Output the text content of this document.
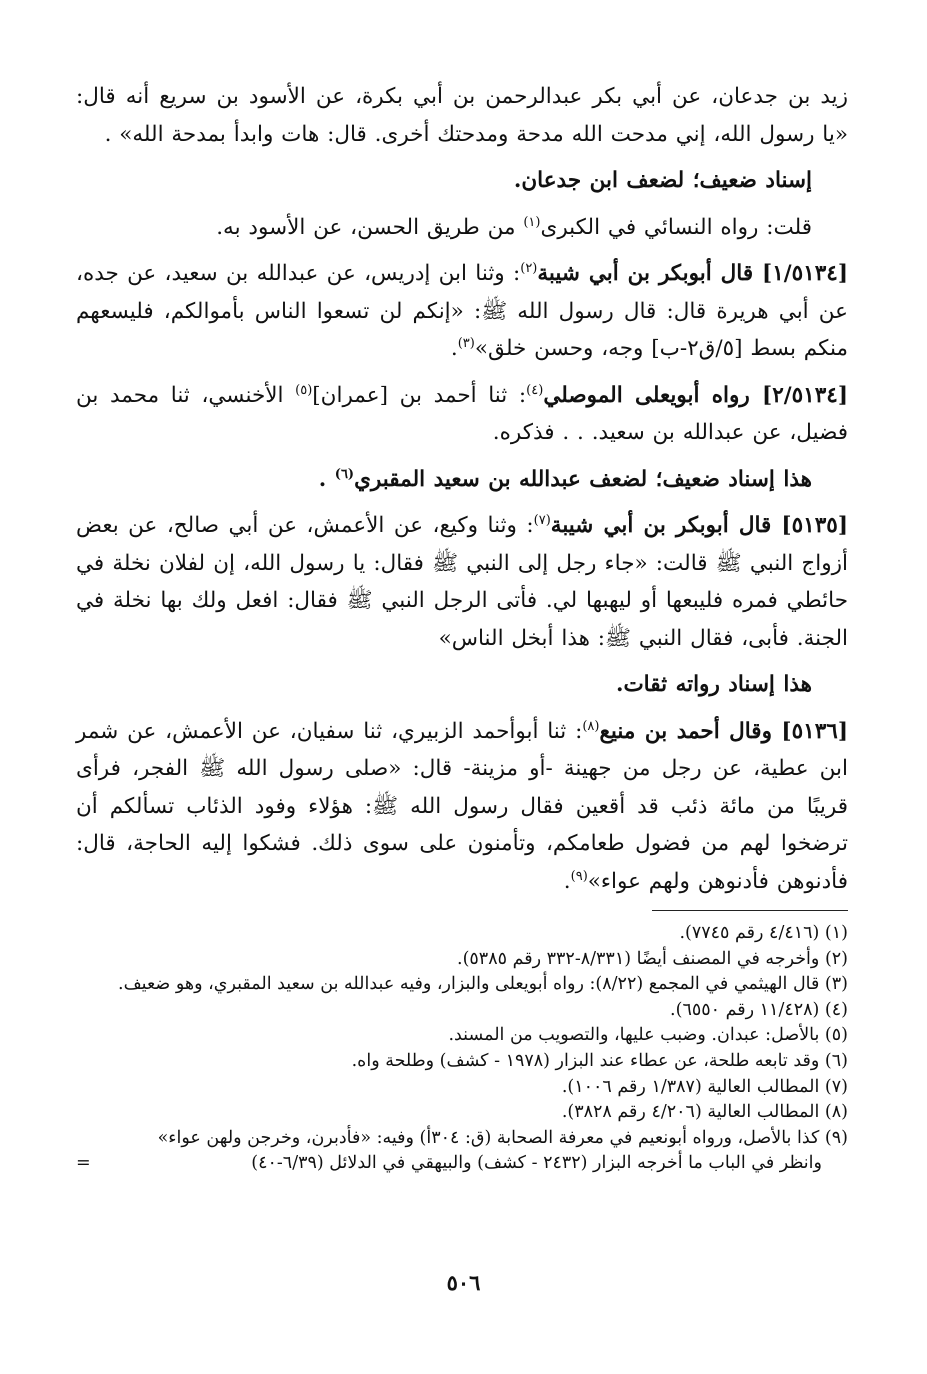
زيد بن جدعان، عن أبي بكر عبدالرحمن بن أبي بكرة، عن الأسود بن سريع أنه قال: «يا رسول الله، إني مدحت الله مدحة ومدحتك أخرى. قال: هات وابدأ بمدحة الله» .

إسناد ضعيف؛ لضعف ابن جدعان.

قلت: رواه النسائي في الكبرى$^{(١)}$ من طريق الحسن، عن الأسود به.

[١/٥١٣٤] قال أبوبكر بن أبي شيبة$^{(٢)}$: وثنا ابن إدريس، عن عبدالله بن سعيد، عن جده، عن أبي هريرة قال: قال رسول الله ﷺ: «إنكم لن تسعوا الناس بأموالكم، فليسعهم منكم بسط [٥/ق٢-ب] وجه، وحسن خلق»$^{(٣)}$.

[٢/٥١٣٤] رواه أبويعلى الموصلي$^{(٤)}$: ثنا أحمد بن [عمران]$^{(٥)}$ الأخنسي، ثنا محمد بن فضيل، عن عبدالله بن سعيد. . . فذكره.

هذا إسناد ضعيف؛ لضعف عبدالله بن سعيد المقبري$^{(٦)}$ .

[٥١٣٥] قال أبوبكر بن أبي شيبة$^{(٧)}$: وثنا وكيع، عن الأعمش، عن أبي صالح، عن بعض أزواج النبي ﷺ قالت: «جاء رجل إلى النبي ﷺ فقال: يا رسول الله، إن لفلان نخلة في حائطي فمره فليبعها أو ليهبها لي. فأتى الرجل النبي ﷺ فقال: افعل ولك بها نخلة في الجنة. فأبى، فقال النبي ﷺ: هذا أبخل الناس»

هذا إسناد رواته ثقات.

[٥١٣٦] وقال أحمد بن منيع$^{(٨)}$: ثنا أبوأحمد الزبيري، ثنا سفيان، عن الأعمش، عن شمر ابن عطية، عن رجل من جهينة -أو مزينة- قال: «صلى رسول الله ﷺ الفجر، فرأى قريبًا من مائة ذئب قد أقعين فقال رسول الله ﷺ: هؤلاء وفود الذئاب تسألكم أن ترضخوا لهم من فضول طعامكم، وتأمنون على سوى ذلك. فشكوا إليه الحاجة، قال: فأدنوهن فأدنوهن ولهم عواء»$^{(٩)}$.

(١) (٤/٤١٦ رقم ٧٧٤٥).

(٢) وأخرجه في المصنف أيضًا (٨/٣٣١-٣٣٢ رقم ٥٣٨٥).

(٣) قال الهيثمي في المجمع (٨/٢٢): رواه أبويعلى والبزار، وفيه عبدالله بن سعيد المقبري، وهو ضعيف.

(٤) (١١/٤٢٨ رقم ٦٥٥٠).

(٥) بالأصل: عبدان. وضبب عليها، والتصويب من المسند.

(٦) وقد تابعه طلحة، عن عطاء عند البزار (١٩٧٨ - كشف) وطلحة واه.

(٧) المطالب العالية (١/٣٨٧ رقم ١٠٠٦).

(٨) المطالب العالية (٤/٢٠٦ رقم ٣٨٢٨).

(٩) كذا بالأصل، ورواه أبونعيم في معرفة الصحابة (ق: ٣٠٤أ) وفيه: «فأدبرن، وخرجن ولهن عواء»

=	وانظر في الباب ما أخرجه البزار (٢٤٣٢ - كشف) والبيهقي في الدلائل (٦/٣٩-٤٠)

٥٠٦
